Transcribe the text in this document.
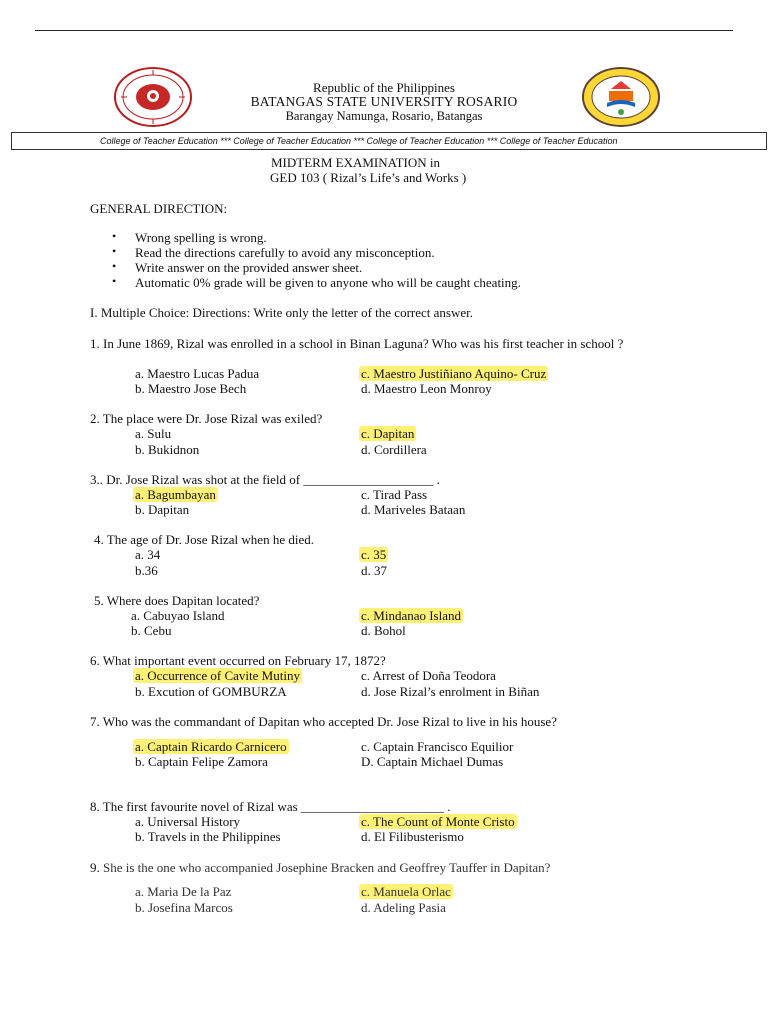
Republic of the Philippines
BATANGAS STATE UNIVERSITY ROSARIO
Barangay Namunga, Rosario, Batangas
College of Teacher Education *** College of Teacher Education *** College of Teacher Education *** College of Teacher Education
MIDTERM EXAMINATION in
GED 103 ( Rizal’s Life’s and Works )
GENERAL DIRECTION:
• Wrong spelling is wrong.
• Read the directions carefully to avoid any misconception.
• Write answer on the provided answer sheet.
• Automatic 0% grade will be given to anyone who will be caught cheating.
I. Multiple Choice: Directions: Write only the letter of the correct answer.
1. In June 1869, Rizal was enrolled in a school in Binan Laguna? Who was his first teacher in school ?
a. Maestro Lucas Padua
b. Maestro Jose Bech
c. Maestro Justiñiano Aquino- Cruz
d. Maestro Leon Monroy
2. The place were Dr. Jose Rizal was exiled?
a. Sulu
b. Bukidnon
c. Dapitan
d. Cordillera
3.. Dr. Jose Rizal was shot at the field of ____________________ .
a. Bagumbayan
b. Dapitan
c. Tirad Pass
d. Mariveles Bataan
4. The age of Dr. Jose Rizal when he died.
a. 34
b.36
c. 35
d. 37
5. Where does Dapitan located?
a. Cabuyao Island
b. Cebu
c. Mindanao Island
d. Bohol
6. What important event occurred on February 17, 1872?
a. Occurrence of Cavite Mutiny
b. Excution of GOMBURZA
c. Arrest of Doña Teodora
d. Jose Rizal’s enrolment in Biñan
7. Who was the commandant of Dapitan who accepted Dr. Jose Rizal to live in his house?
a. Captain Ricardo Carnicero
b. Captain Felipe Zamora
c. Captain Francisco Equilior
D. Captain Michael Dumas
8. The first favourite novel of Rizal was ______________________ .
a. Universal History
b. Travels in the Philippines
c. The Count of Monte Cristo
d. El Filibusterismo
9. She is the one who accompanied Josephine Bracken and Geoffrey Tauffer in Dapitan?
a. Maria De la Paz
b. Josefina Marcos
c. Manuela Orlac
d. Adeling Pasia
